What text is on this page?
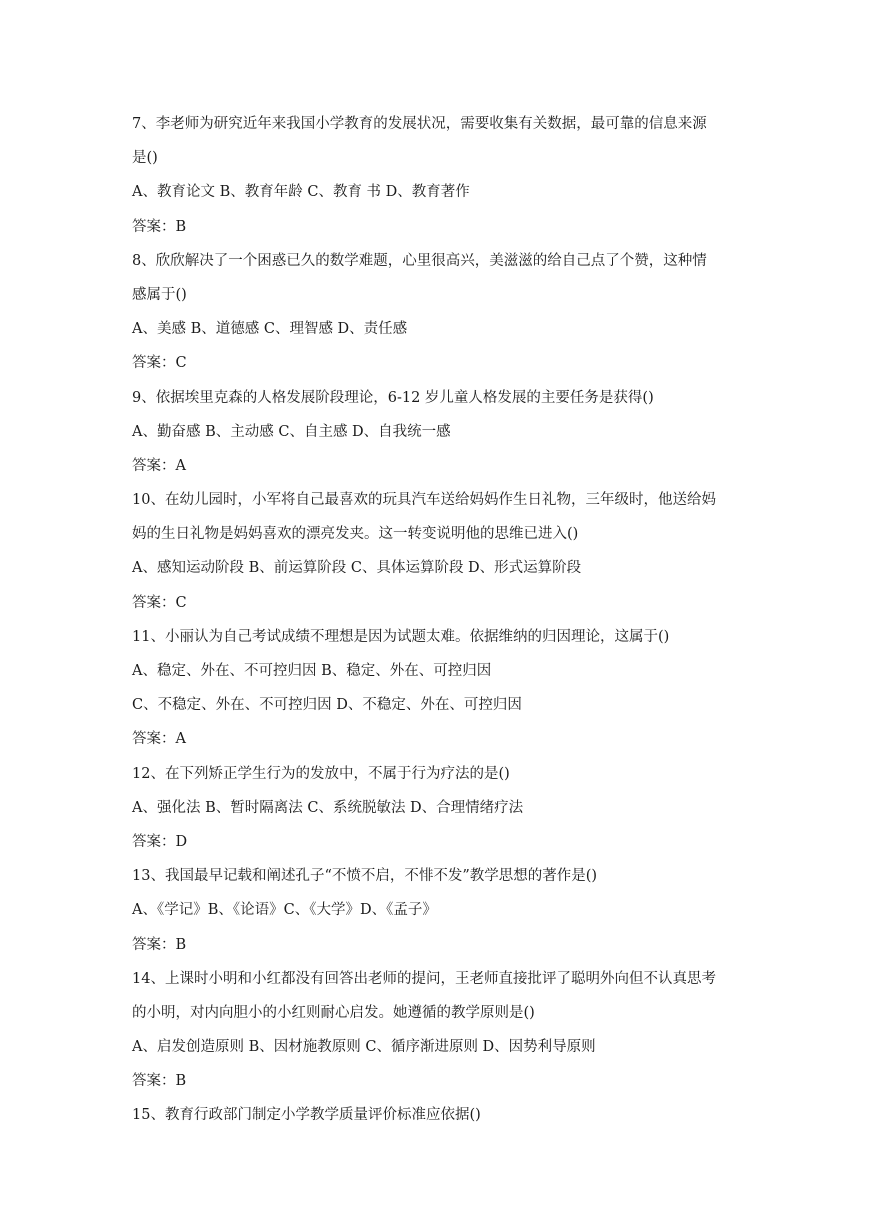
7、李老师为研究近年来我国小学教育的发展状况，需要收集有关数据，最可靠的信息来源
是()
A、教育论文 B、教育年龄 C、教育 书 D、教育著作
答案：B
8、欣欣解决了一个困惑已久的数学难题，心里很高兴，美滋滋的给自己点了个赞，这种情
感属于()
A、美感 B、道德感 C、理智感 D、责任感
答案：C
9、依据埃里克森的人格发展阶段理论，6-12 岁儿童人格发展的主要任务是获得()
A、勤奋感 B、主动感 C、自主感 D、自我统一感
答案：A
10、在幼儿园时，小军将自己最喜欢的玩具汽车送给妈妈作生日礼物，三年级时，他送给妈
妈的生日礼物是妈妈喜欢的漂亮发夹。这一转变说明他的思维已进入()
A、感知运动阶段 B、前运算阶段 C、具体运算阶段 D、形式运算阶段
答案：C
11、小丽认为自己考试成绩不理想是因为试题太难。依据维纳的归因理论，这属于()
A、稳定、外在、不可控归因 B、稳定、外在、可控归因
C、不稳定、外在、不可控归因 D、不稳定、外在、可控归因
答案：A
12、在下列矫正学生行为的发放中，不属于行为疗法的是()
A、强化法 B、暂时隔离法 C、系统脱敏法 D、合理情绪疗法
答案：D
13、我国最早记载和阐述孔子“不愤不启，不悱不发”教学思想的著作是()
A、《学记》B、《论语》C、《大学》D、《孟子》
答案：B
14、上课时小明和小红都没有回答出老师的提问，王老师直接批评了聪明外向但不认真思考
的小明，对内向胆小的小红则耐心启发。她遵循的教学原则是()
A、启发创造原则 B、因材施教原则 C、循序渐进原则 D、因势利导原则
答案：B
15、教育行政部门制定小学教学质量评价标准应依据()
